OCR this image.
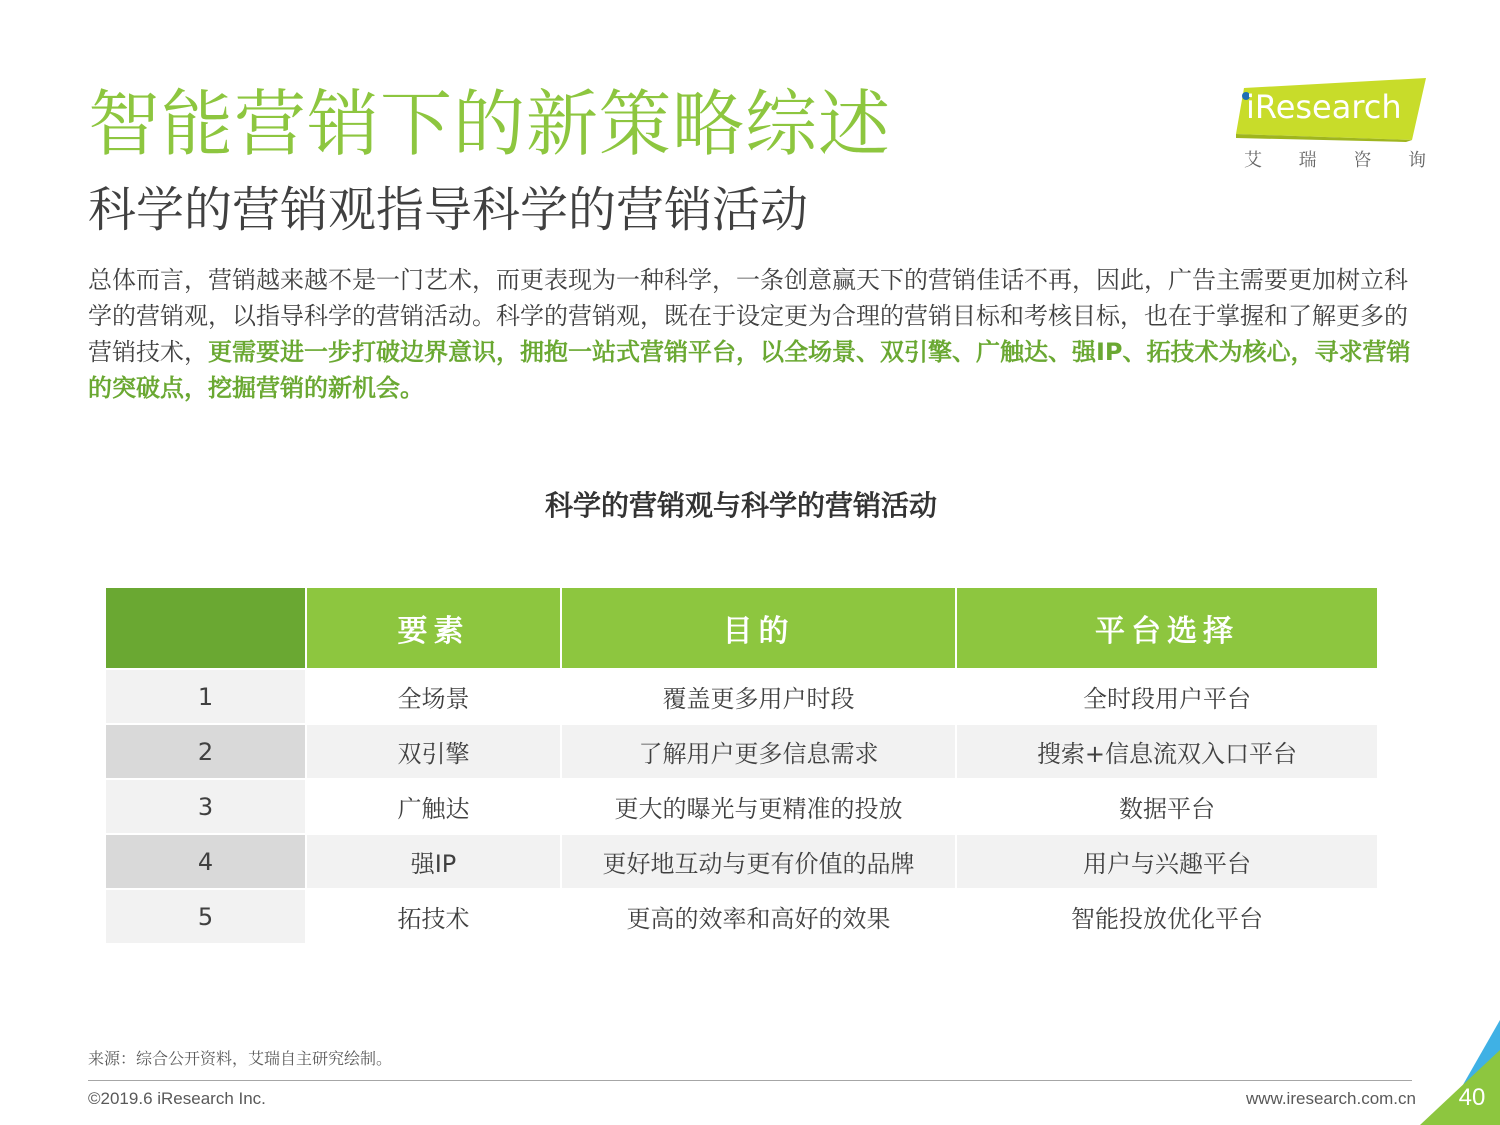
智能营销下的新策略综述
科学的营销观指导科学的营销活动
总体而言，营销越来越不是一门艺术，而更表现为一种科学，一条创意赢天下的营销佳话不再，因此，广告主需要更加树立科学的营销观，以指导科学的营销活动。科学的营销观，既在于设定更为合理的营销目标和考核目标，也在于掌握和了解更多的营销技术，更需要进一步打破边界意识，拥抱一站式营销平台，以全场景、双引擎、广触达、强IP、拓技术为核心，寻求营销的突破点，挖掘营销的新机会。
iResearch
艾 瑞 咨 询
科学的营销观与科学的营销活动
	要素	目的	平台选择
1	全场景	覆盖更多用户时段	全时段用户平台
2	双引擎	了解用户更多信息需求	搜索+信息流双入口平台
3	广触达	更大的曝光与更精准的投放	数据平台
4	强IP	更好地互动与更有价值的品牌	用户与兴趣平台
5	拓技术	更高的效率和高好的效果	智能投放优化平台
来源：综合公开资料，艾瑞自主研究绘制。
©2019.6 iResearch Inc.	www.iresearch.com.cn 40
